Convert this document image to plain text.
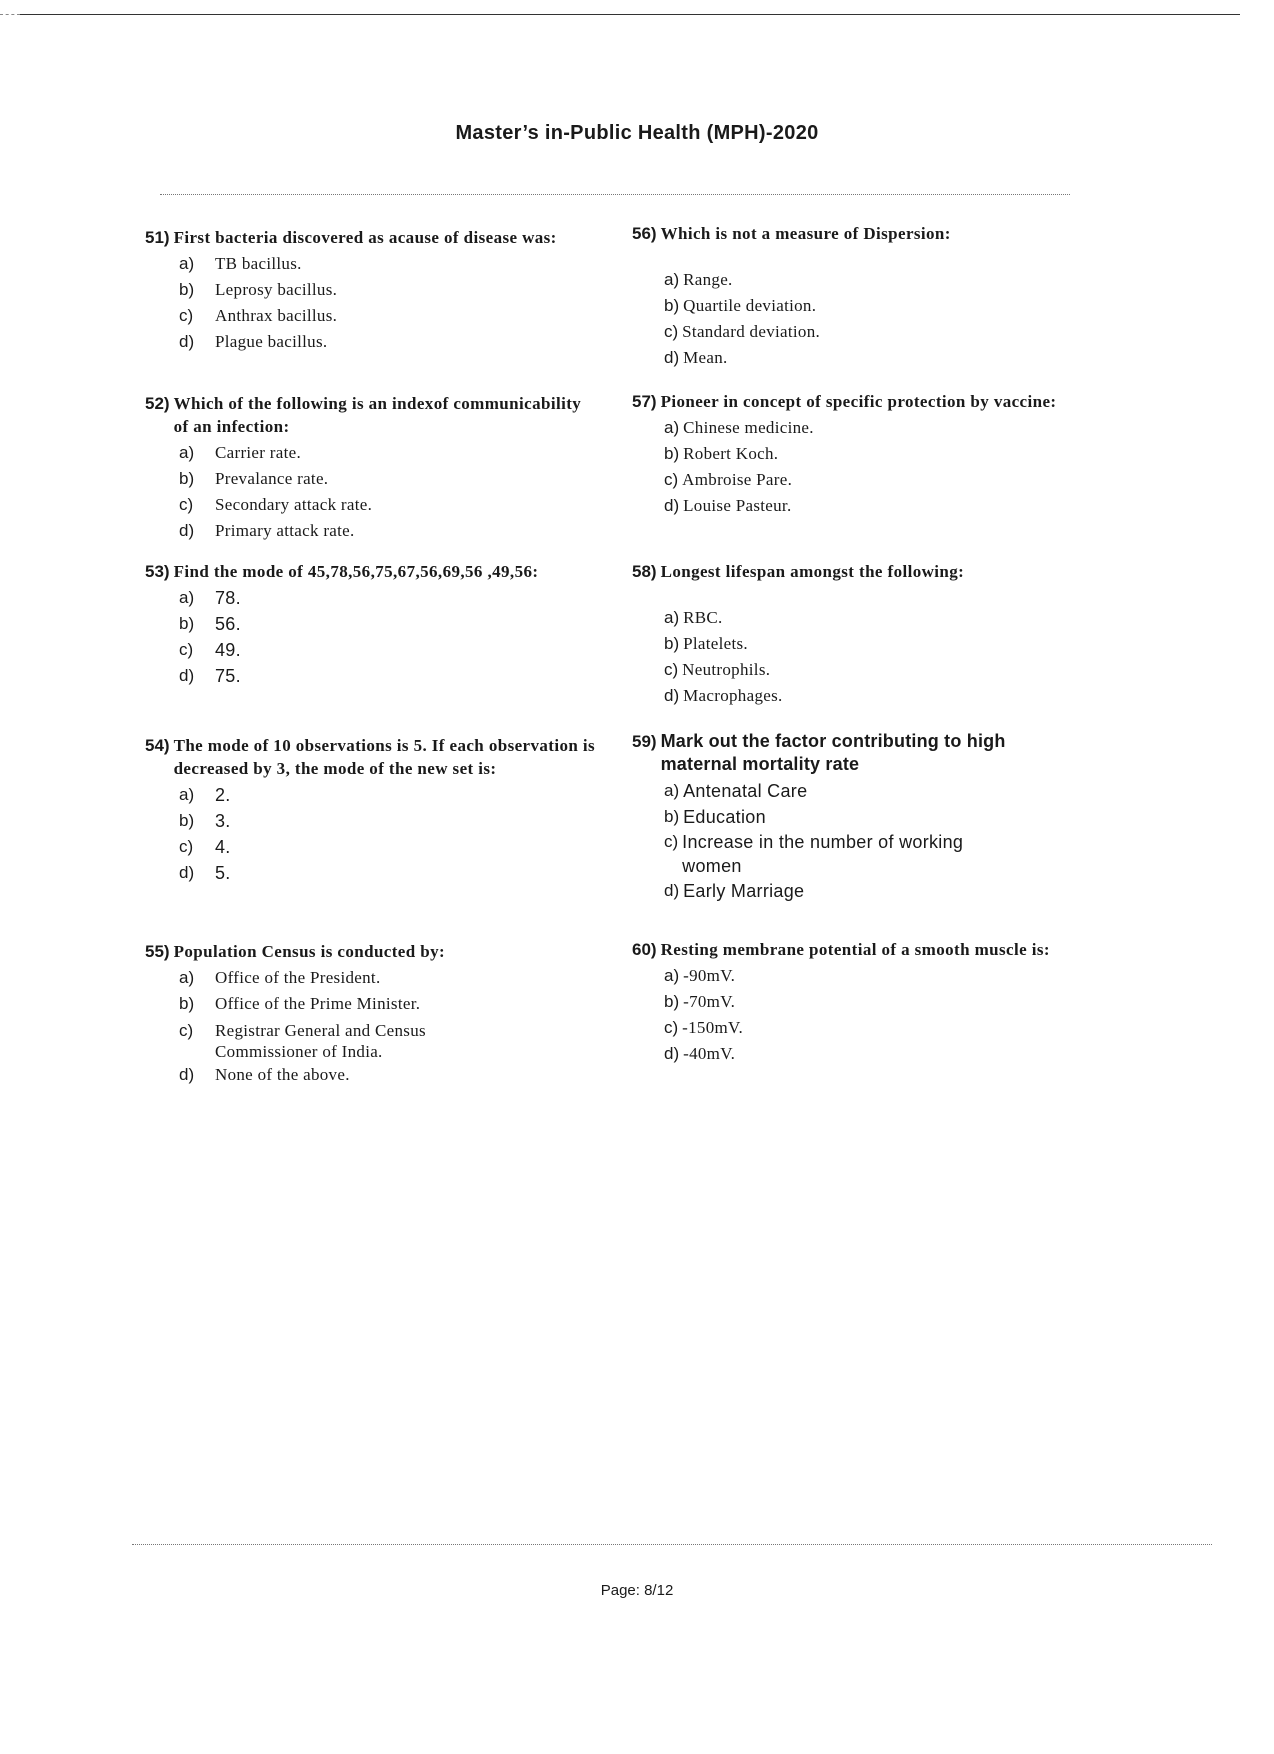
Master’s in-Public Health (MPH)-2020
51) First bacteria discovered as acause of disease was:
a)	TB bacillus.
b)	Leprosy bacillus.
c)	Anthrax bacillus.
d)	Plague bacillus.
52) Which of the following is an indexof communicability of an infection:
a)	Carrier rate.
b)	Prevalance rate.
c)	Secondary attack rate.
d)	Primary attack rate.
53) Find the mode of 45,78,56,75,67,56,69,56 ,49,56:
a)	78.
b)	56.
c)	49.
d)	75.
54) The mode of 10 observations is 5. If each observation is decreased by 3, the mode of the new set is:
a)	2.
b)	3.
c)	4.
d)	5.
55) Population Census is conducted by:
a)	Office of the President.
b)	Office of the Prime Minister.
c)	Registrar General and Census Commissioner of India.
d)	None of the above.
56) Which is not a measure of Dispersion:
a) Range.
b) Quartile deviation.
c) Standard deviation.
d) Mean.
57) Pioneer in concept of specific protection by vaccine:
a) Chinese medicine.
b) Robert Koch.
c) Ambroise Pare.
d) Louise Pasteur.
58) Longest lifespan amongst the following:
a) RBC.
b) Platelets.
c) Neutrophils.
d) Macrophages.
59) Mark out the factor contributing to high maternal mortality rate
a) Antenatal Care
b) Education
c) Increase in the number of working women
d) Early Marriage
60) Resting membrane potential of a smooth muscle is:
a) -90mV.
b) -70mV.
c) -150mV.
d) -40mV.
Page: 8/12
